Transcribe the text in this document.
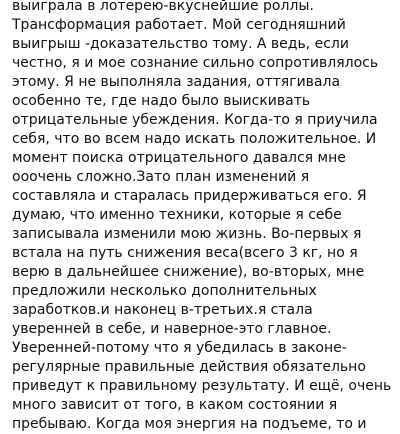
выиграла в лотерею-вкуснейшие роллы.
Трансформация работает. Мой сегодняшний
выигрыш -доказательство тому. А ведь, если
честно, я и мое сознание сильно сопротивлялось
этому. Я не выполняла задания, оттягивала
особенно те, где надо было выискивать
отрицательные убеждения. Когда-то я приучила
себя, что во всем надо искать положительное. И
момент поиска отрицательного давался мне
ооочень сложно.Зато план изменений я
составляла и старалась придерживаться его. Я
думаю, что именно техники, которые я себе
записывала изменили мою жизнь. Во-первых я
встала на путь снижения веса(всего 3 кг, но я
верю в дальнейшее снижение), во-вторых, мне
предложили несколько дополнительных
заработков.и наконец в-третьих.я стала
уверенней в себе, и наверное-это главное.
Уверенней-потому что я убедилась в законе-
регулярные правильные действия обязательно
приведут к правильному результату. И ещё, очень
много зависит от того, в каком состоянии я
пребываю. Когда моя энергия на подъеме, то и
